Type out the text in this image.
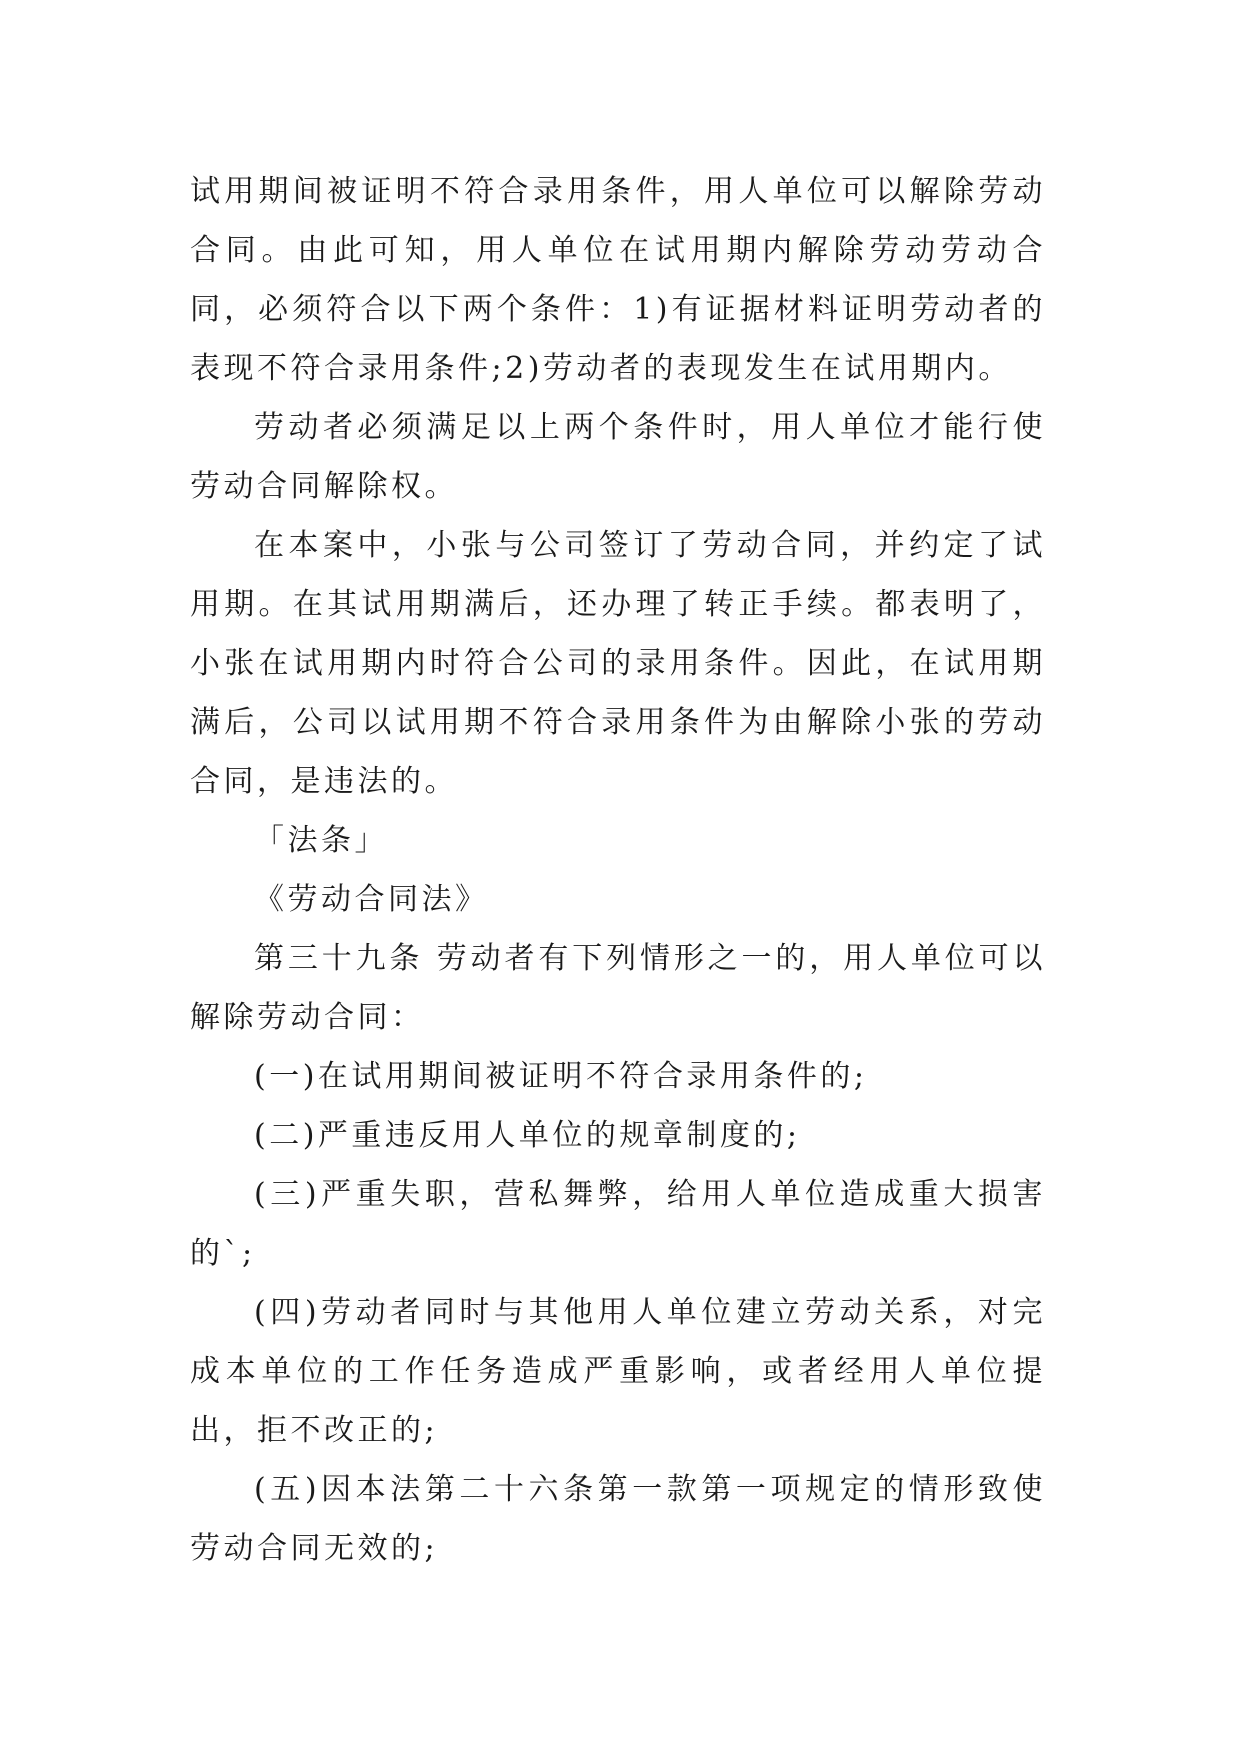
试用期间被证明不符合录用条件，用人单位可以解除劳动合同。由此可知，用人单位在试用期内解除劳动劳动合同，必须符合以下两个条件：1)有证据材料证明劳动者的表现不符合录用条件;2)劳动者的表现发生在试用期内。

劳动者必须满足以上两个条件时，用人单位才能行使劳动合同解除权。

在本案中，小张与公司签订了劳动合同，并约定了试用期。在其试用期满后，还办理了转正手续。都表明了，小张在试用期内时符合公司的录用条件。因此，在试用期满后，公司以试用期不符合录用条件为由解除小张的劳动合同，是违法的。

「法条」

《劳动合同法》

第三十九条 劳动者有下列情形之一的，用人单位可以解除劳动合同：

(一)在试用期间被证明不符合录用条件的;

(二)严重违反用人单位的规章制度的;

(三)严重失职，营私舞弊，给用人单位造成重大损害的`;

(四)劳动者同时与其他用人单位建立劳动关系，对完成本单位的工作任务造成严重影响，或者经用人单位提出，拒不改正的;

(五)因本法第二十六条第一款第一项规定的情形致使劳动合同无效的;
